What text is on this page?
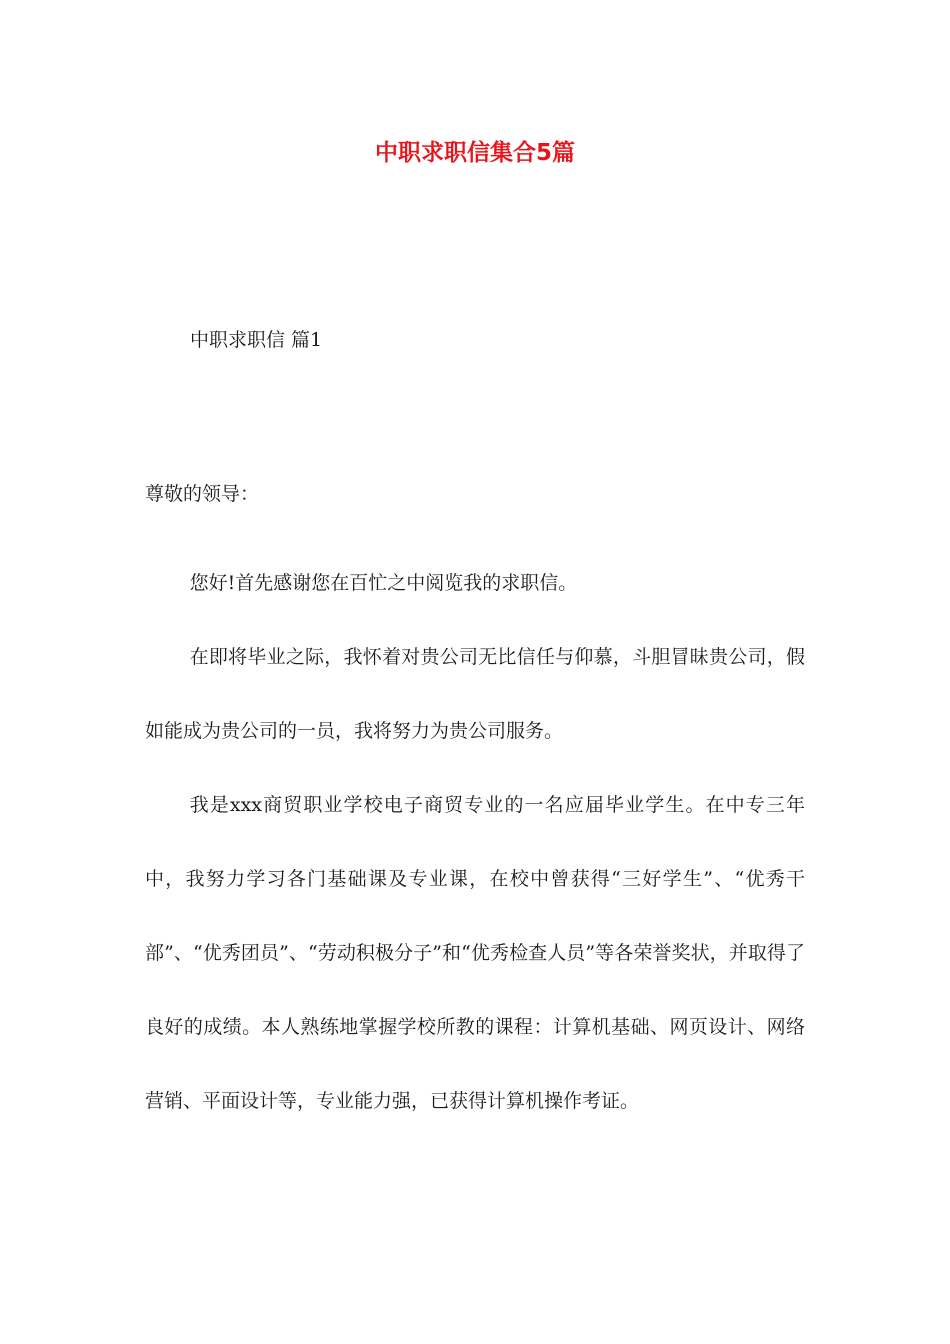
中职求职信集合5篇
中职求职信 篇1
尊敬的领导：

您好!首先感谢您在百忙之中阅览我的求职信。

在即将毕业之际，我怀着对贵公司无比信任与仰慕，斗胆冒昧贵公司，假如能成为贵公司的一员，我将努力为贵公司服务。

我是xxx商贸职业学校电子商贸专业的一名应届毕业学生。在中专三年中，我努力学习各门基础课及专业课，在校中曾获得“三好学生”、“优秀干部”、“优秀团员”、“劳动积极分子”和“优秀检查人员”等各荣誉奖状，并取得了良好的成绩。本人熟练地掌握学校所教的课程：计算机基础、网页设计、网络营销、平面设计等，专业能力强，已获得计算机操作考证。
